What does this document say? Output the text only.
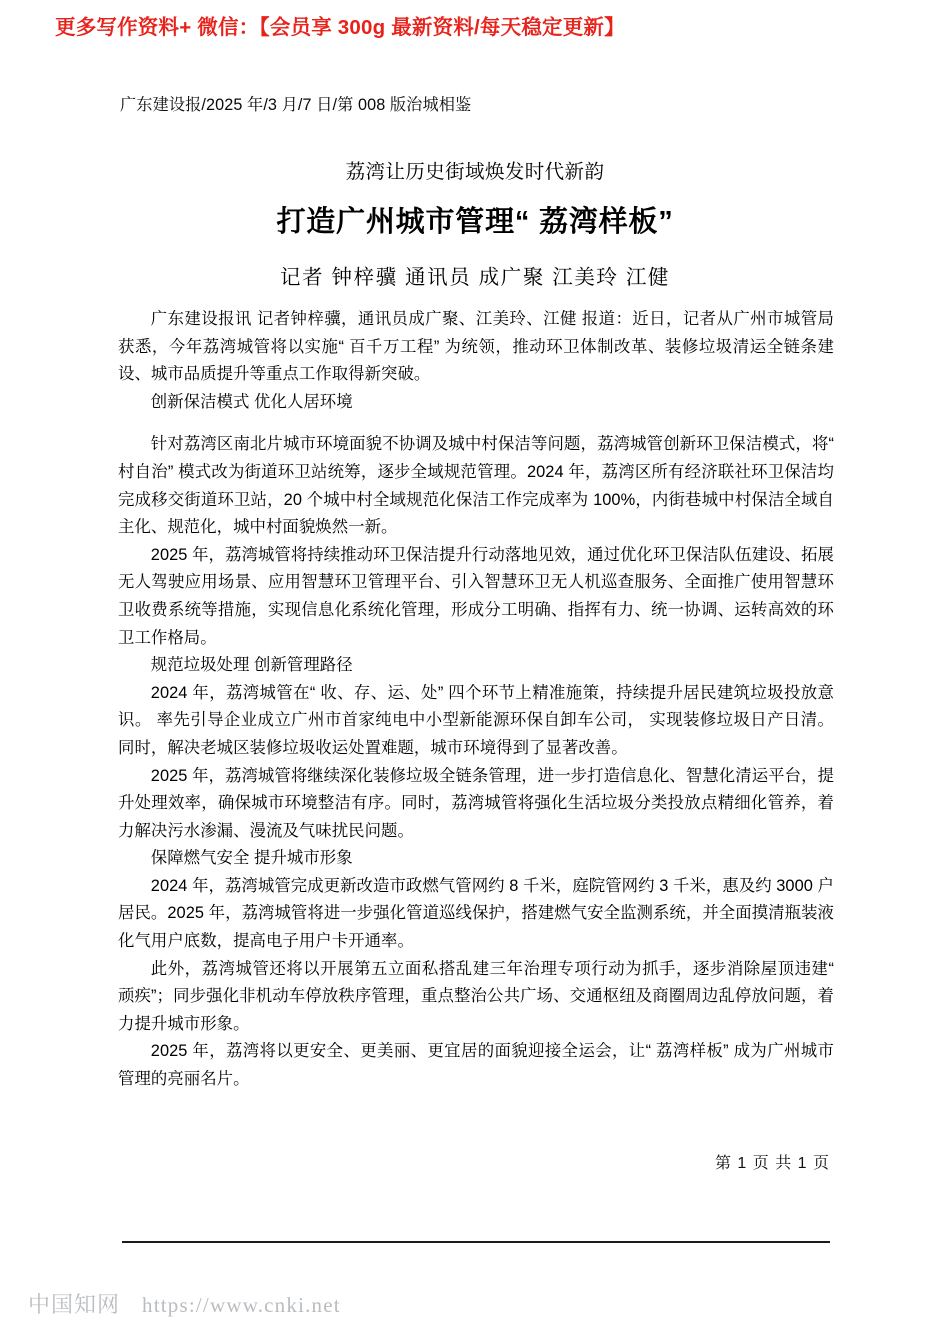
更多写作资料+ 微信：【会员享 300g 最新资料/每天稳定更新】
广东建设报/2025 年/3 月/7 日/第 008 版治城相鉴
荔湾让历史街域焕发时代新韵
打造广州城市管理“ 荔湾样板”
记者 钟梓骥 通讯员 成广聚 江美玲 江健

广东建设报讯 记者钟梓骥，通讯员成广聚、江美玲、江健 报道：近日，记者从广州市城管局获悉，今年荔湾城管将以实施“ 百千万工程” 为统领，推动环卫体制改革、装修垃圾清运全链条建设、城市品质提升等重点工作取得新突破。

创新保洁模式 优化人居环境

针对荔湾区南北片城市环境面貌不协调及城中村保洁等问题，荔湾城管创新环卫保洁模式，将“ 村自治” 模式改为街道环卫站统筹，逐步全域规范管理。2024 年，荔湾区所有经济联社环卫保洁均完成移交街道环卫站，20 个城中村全域规范化保洁工作完成率为 100%，内街巷城中村保洁全域自主化、规范化，城中村面貌焕然一新。

2025 年，荔湾城管将持续推动环卫保洁提升行动落地见效，通过优化环卫保洁队伍建设、拓展无人驾驶应用场景、应用智慧环卫管理平台、引入智慧环卫无人机巡查服务、全面推广使用智慧环卫收费系统等措施，实现信息化系统化管理，形成分工明确、指挥有力、统一协调、运转高效的环卫工作格局。

规范垃圾处理 创新管理路径

2024 年，荔湾城管在“ 收、存、运、处” 四个环节上精准施策，持续提升居民建筑垃圾投放意识。 率先引导企业成立广州市首家纯电中小型新能源环保自卸车公司， 实现装修垃圾日产日清。同时，解决老城区装修垃圾收运处置难题，城市环境得到了显著改善。

2025 年，荔湾城管将继续深化装修垃圾全链条管理，进一步打造信息化、智慧化清运平台，提升处理效率，确保城市环境整洁有序。同时，荔湾城管将强化生活垃圾分类投放点精细化管养，着力解决污水渗漏、漫流及气味扰民问题。

保障燃气安全 提升城市形象

2024 年，荔湾城管完成更新改造市政燃气管网约 8 千米，庭院管网约 3 千米，惠及约 3000 户居民。2025 年，荔湾城管将进一步强化管道巡线保护，搭建燃气安全监测系统，并全面摸清瓶装液化气用户底数，提高电子用户卡开通率。

此外，荔湾城管还将以开展第五立面私搭乱建三年治理专项行动为抓手，逐步消除屋顶违建“ 顽疾”；同步强化非机动车停放秩序管理，重点整治公共广场、交通枢纽及商圈周边乱停放问题，着力提升城市形象。

2025 年，荔湾将以更安全、更美丽、更宜居的面貌迎接全运会，让“ 荔湾样板” 成为广州城市管理的亮丽名片。

第 1 页 共 1 页
中国知网 https://www.cnki.net
